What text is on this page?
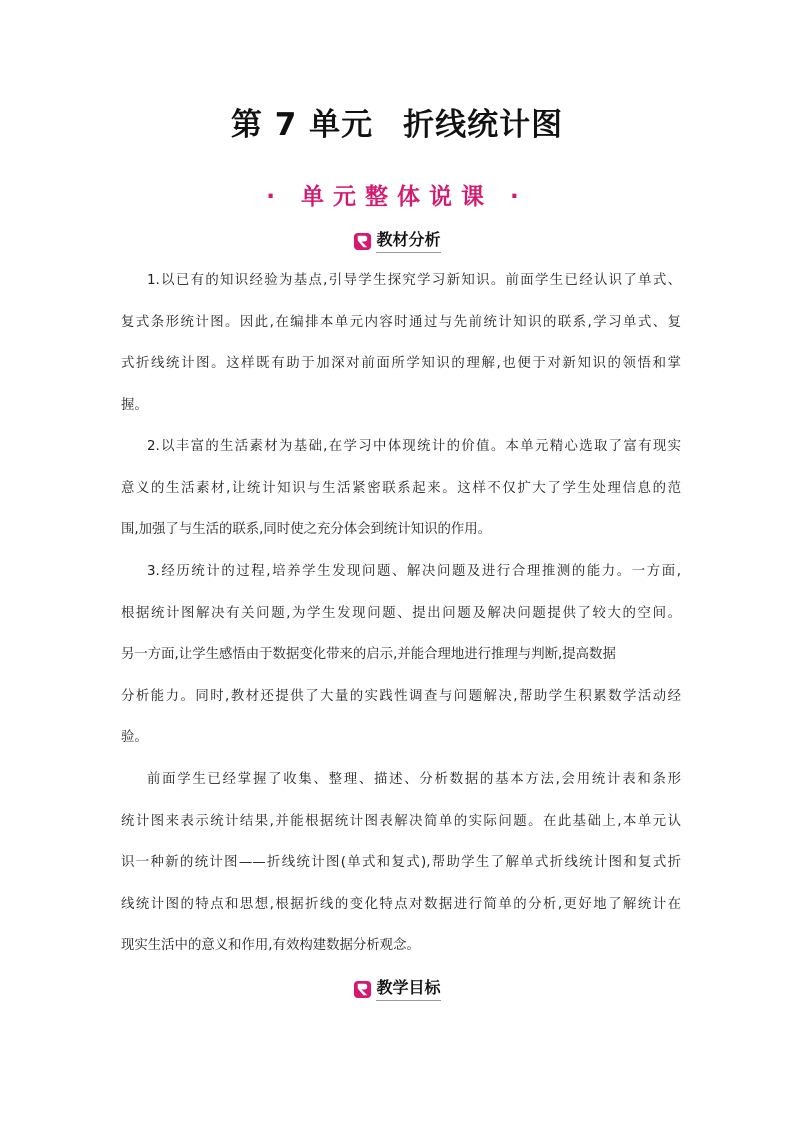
第 7 单元 折线统计图
· 单元整体说课 ·
教材分析
1.以已有的知识经验为基点,引导学生探究学习新知识。前面学生已经认识了单式、
复式条形统计图。因此,在编排本单元内容时通过与先前统计知识的联系,学习单式、复
式折线统计图。这样既有助于加深对前面所学知识的理解,也便于对新知识的领悟和掌
握。
2.以丰富的生活素材为基础,在学习中体现统计的价值。本单元精心选取了富有现实
意义的生活素材,让统计知识与生活紧密联系起来。这样不仅扩大了学生处理信息的范
围,加强了与生活的联系,同时使之充分体会到统计知识的作用。
3.经历统计的过程,培养学生发现问题、解决问题及进行合理推测的能力。一方面,
根据统计图解决有关问题,为学生发现问题、提出问题及解决问题提供了较大的空间。
另一方面,让学生感悟由于数据变化带来的启示,并能合理地进行推理与判断,提高数据
分析能力。同时,教材还提供了大量的实践性调查与问题解决,帮助学生积累数学活动经
验。
前面学生已经掌握了收集、整理、描述、分析数据的基本方法,会用统计表和条形
统计图来表示统计结果,并能根据统计图表解决简单的实际问题。在此基础上,本单元认
识一种新的统计图——折线统计图(单式和复式),帮助学生了解单式折线统计图和复式折
线统计图的特点和思想,根据折线的变化特点对数据进行简单的分析,更好地了解统计在
现实生活中的意义和作用,有效构建数据分析观念。
教学目标
